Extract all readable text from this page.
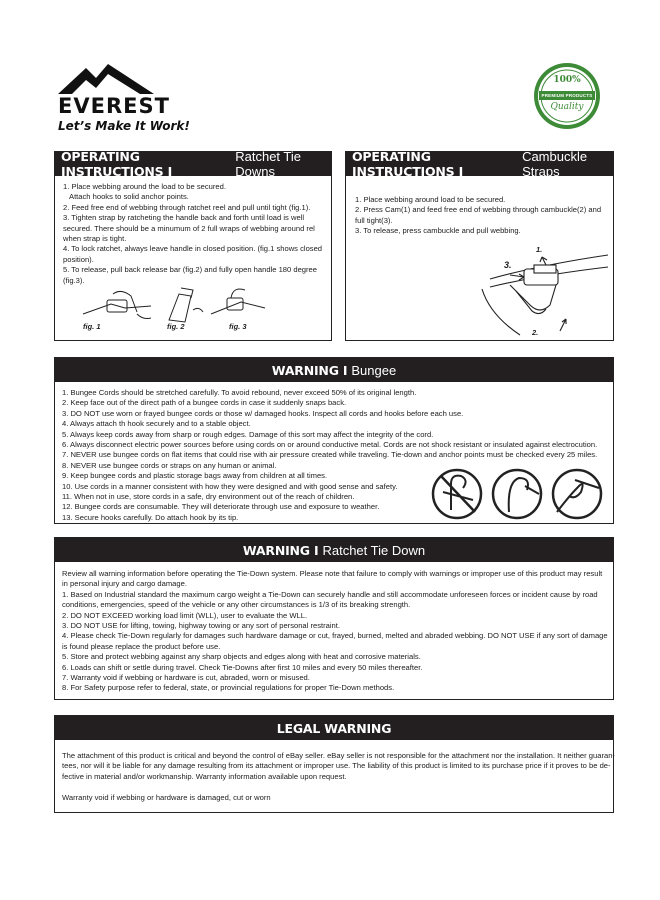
EVEREST
Let’s Make It Work!
100%
PREMIUM PRODUCTS
Quality
OPERATING INSTRUCTIONS I
Ratchet Tie Downs
1. Place webbing around the load to be secured.
Attach hooks to solid anchor points.
2. Feed free end of webbing through ratchet reel and pull until tight (fig.1).
3. Tighten strap by ratcheting the handle back and forth until load is well
secured. There should be a minumum of 2 full wraps of webbing around rel
when strap is tight.
4. To lock ratchet, always leave handle in closed position. (fig.1 shows closed
position).
5. To release, pull back release bar (fig.2) and fully open handle 180 degree
(fig.3).
fig. 1	fig. 2	fig. 3
OPERATING INSTRUCTIONS I
Cambuckle Straps
1. Place webbing around load to be secured.
2. Press Cam(1) and feed free end of webbing through cambuckle(2) and
full tight(3).
3. To release, press cambuckle and pull webbing.
1.
3.
2.
WARNING I Bungee
1. Bungee Cords should be stretched carefully. To avoid rebound, never exceed 50% of its original length.
2. Keep face out of the direct path of a bungee cords in case it suddenly snaps back.
3. DO NOT use worn or frayed bungee cords or those w/ damaged hooks. Inspect all cords and hooks before each use.
4. Always attach th hook securely and to a stable object.
5. Always keep cords away from sharp or rough edges. Damage of this sort may affect the integrity of the cord.
6. Always disconnect electric power sources before using cords on or around conductive metal. Cords are not shock resistant or insulated against electrocution.
7. NEVER use bungee cords on flat items that could rise with air pressure created while traveling. Tie-down and anchor points must be checked every 25 miles.
8. NEVER use bungee cords or straps on any human or animal.
9. Keep bungee cords and plastic storage bags away from children at all times.
10. Use cords in a manner consistent with how they were designed and with good sense and safety.
11. When not in use, store cords in a safe, dry environment out of the reach of children.
12. Bungee cords are consumable. They will deteriorate through use and exposure to weather.
13. Secure hooks carefully. Do attach hook by its tip.
WARNING I Ratchet Tie Down
Review all warning information before operating the Tie-Down system. Please note that failure to comply with warnings or improper use of this product may result
in personal injury and cargo damage.
1. Based on Industrial standard the maximum cargo weight a Tie-Down can securely handle and still accommodate unforeseen forces or incident cause by road
conditions, emergencies, speed of the vehicle or any other circumstances is 1/3 of its breaking strength.
2. DO NOT EXCEED working load limit (WLL), user to evaluate the WLL.
3. DO NOT USE for lifting, towing, highway towing or any sort of personal restraint.
4. Please check Tie-Down regularly for damages such hardware damage or cut, frayed, burned, melted and abraded webbing. DO NOT USE if any sort of damage
is found please replace the product before use.
5. Store and protect webbing against any sharp objects and edges along with heat and corrosive materials.
6. Loads can shift or settle during travel. Check Tie-Downs after first 10 miles and every 50 miles thereafter.
7. Warranty void if webbing or hardware is cut, abraded, worn or misused.
8. For Safety purpose refer to federal, state, or provincial regulations for proper Tie-Down methods.
LEGAL WARNING
The attachment of this product is critical and beyond the control of eBay seller. eBay seller is not responsible for the attachment nor the installation. It neither guaran-
tees, nor will it be liable for any damage resulting from its attachment or improper use. The liability of this product is limited to its purchase price if it proves to be de-
fective in material and/or workmanship. Warranty information available upon request.
Warranty void if webbing or hardware is damaged, cut or worn
